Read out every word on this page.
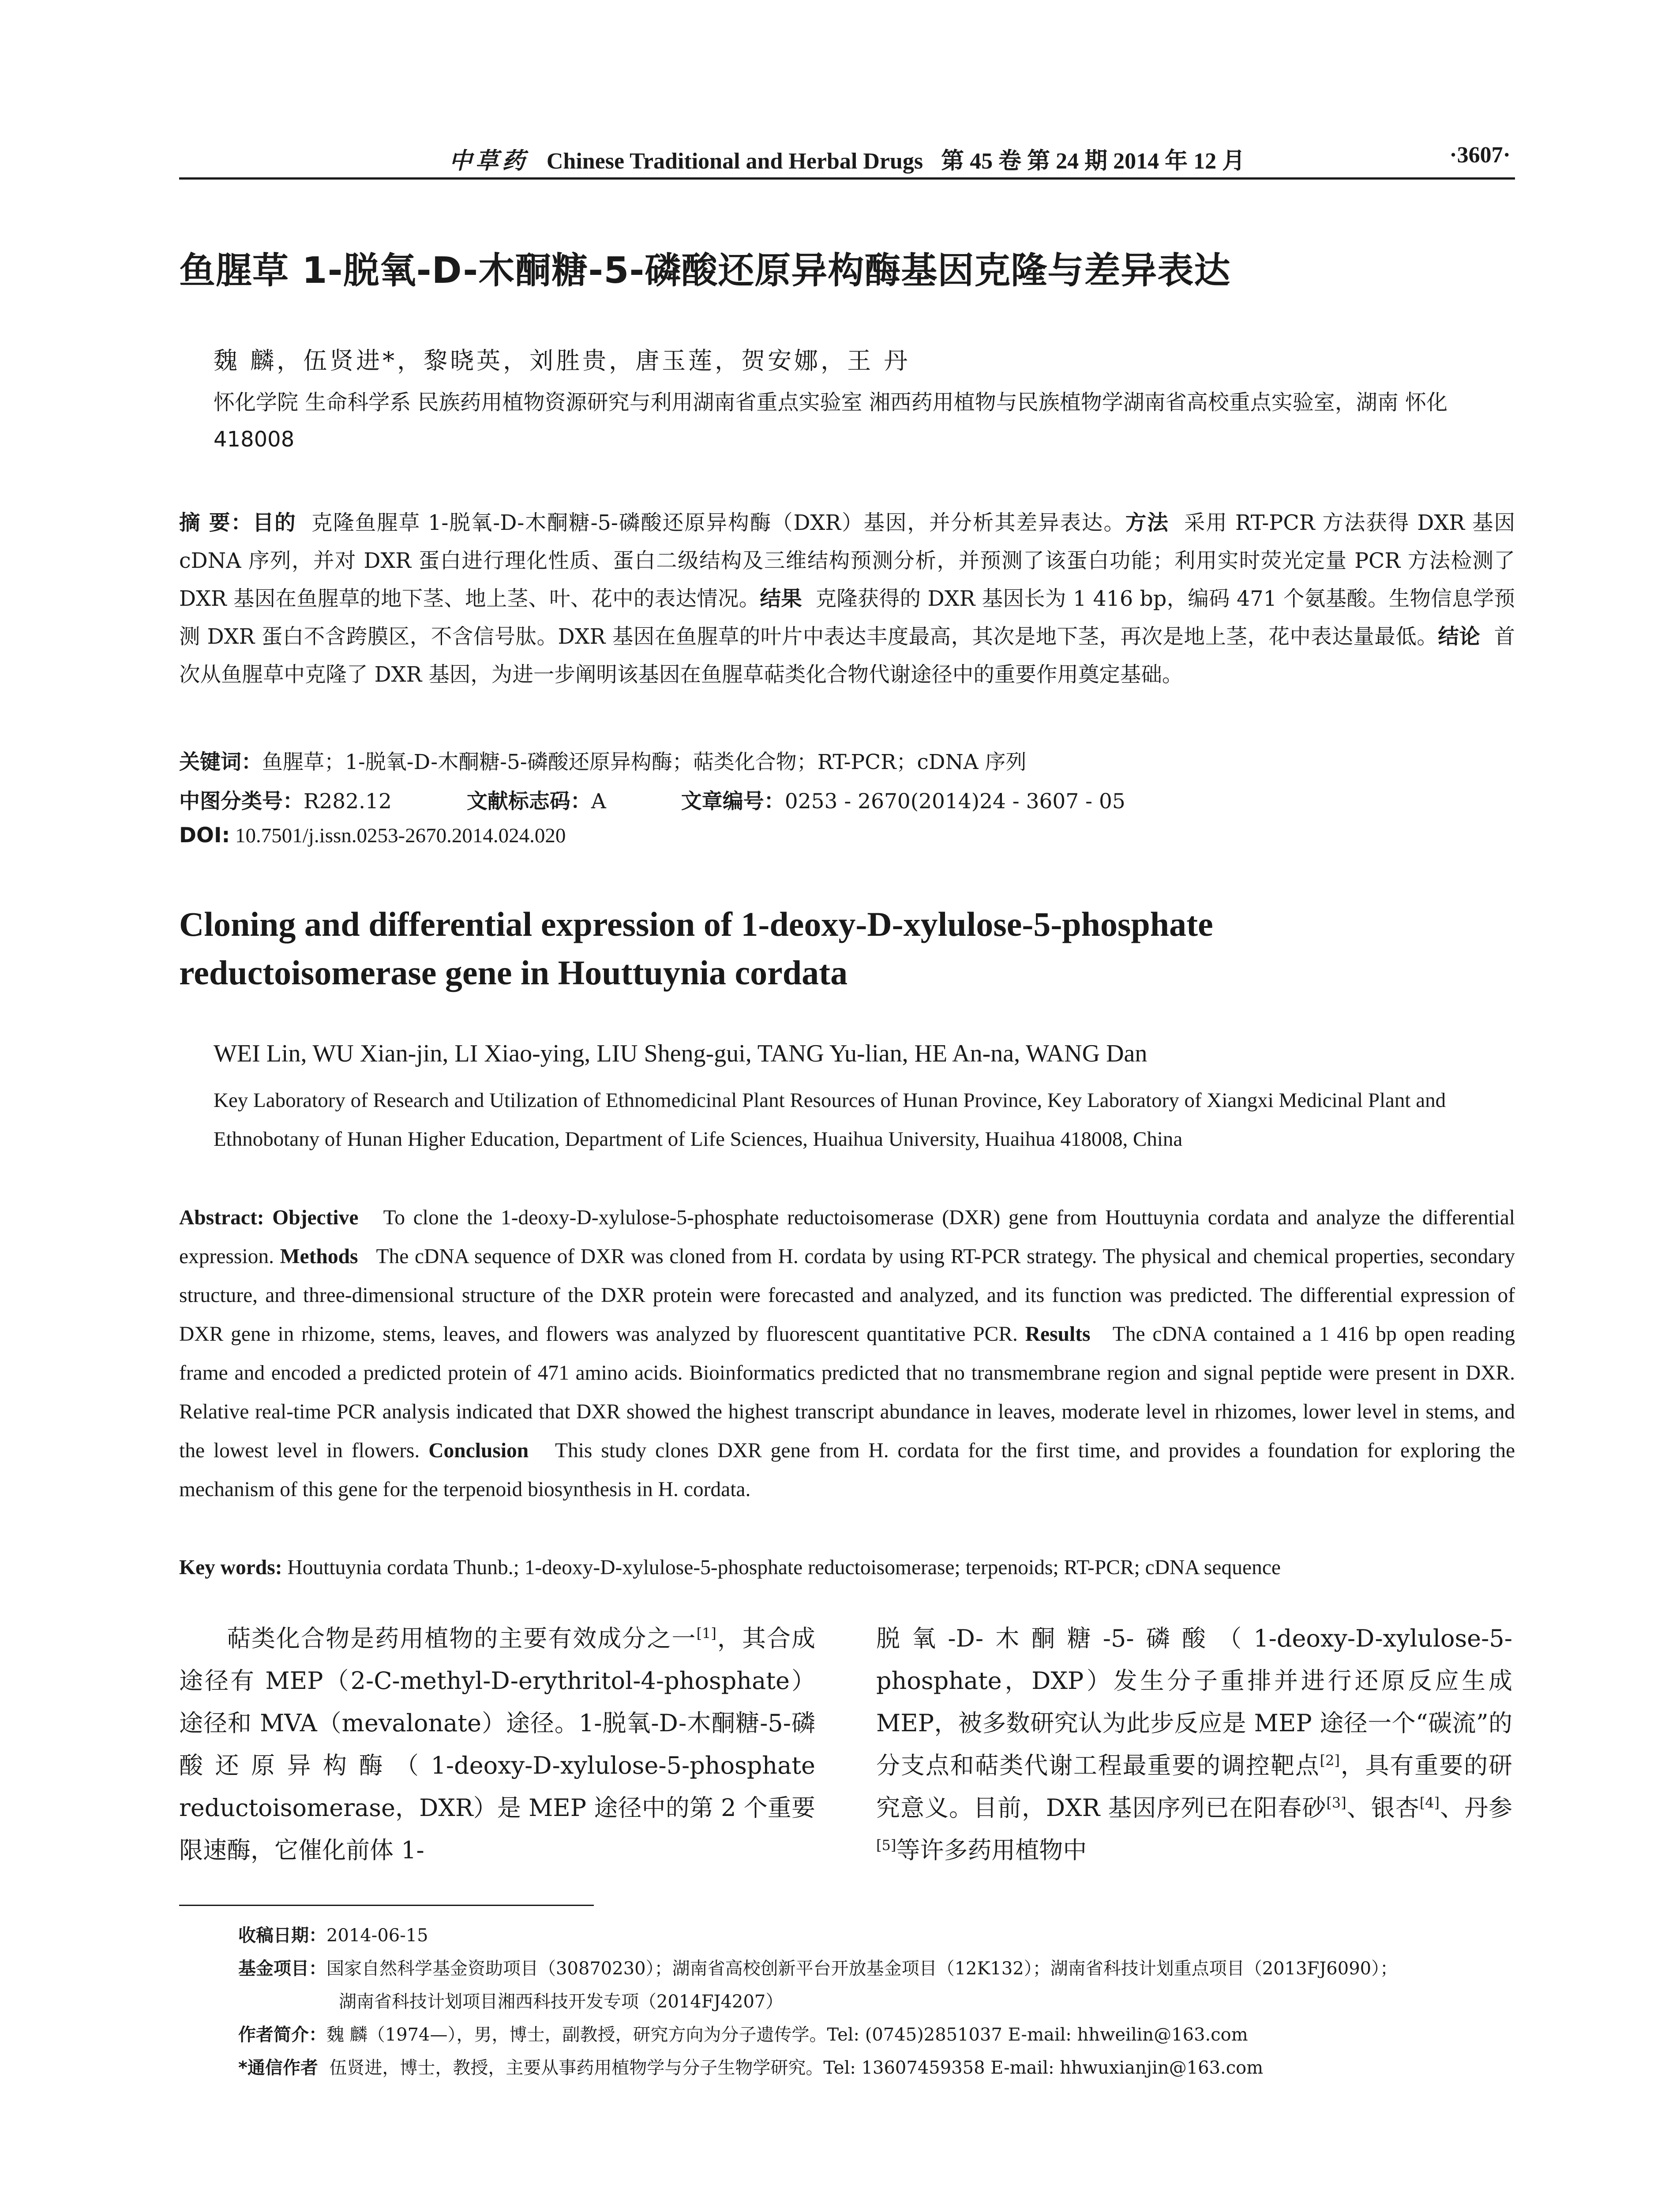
中草药 Chinese Traditional and Herbal Drugs 第 45 卷 第 24 期 2014 年 12 月	·3607·
鱼腥草 1-脱氧-D-木酮糖-5-磷酸还原异构酶基因克隆与差异表达
魏 麟，伍贤进*，黎晓英，刘胜贵，唐玉莲，贺安娜，王 丹
怀化学院 生命科学系 民族药用植物资源研究与利用湖南省重点实验室 湘西药用植物与民族植物学湖南省高校重点实验室，湖南 怀化 418008
摘 要：目的 克隆鱼腥草 1-脱氧-D-木酮糖-5-磷酸还原异构酶（DXR）基因，并分析其差异表达。方法 采用 RT-PCR 方法获得 DXR 基因 cDNA 序列，并对 DXR 蛋白进行理化性质、蛋白二级结构及三维结构预测分析，并预测了该蛋白功能；利用实时荧光定量 PCR 方法检测了 DXR 基因在鱼腥草的地下茎、地上茎、叶、花中的表达情况。结果 克隆获得的 DXR 基因长为 1 416 bp，编码 471 个氨基酸。生物信息学预测 DXR 蛋白不含跨膜区，不含信号肽。DXR 基因在鱼腥草的叶片中表达丰度最高，其次是地下茎，再次是地上茎，花中表达量最低。结论 首次从鱼腥草中克隆了 DXR 基因，为进一步阐明该基因在鱼腥草萜类化合物代谢途径中的重要作用奠定基础。
关键词：鱼腥草；1-脱氧-D-木酮糖-5-磷酸还原异构酶；萜类化合物；RT-PCR；cDNA 序列
中图分类号：R282.12	文献标志码：A	文章编号：0253 - 2670(2014)24 - 3607 - 05
DOI: 10.7501/j.issn.0253-2670.2014.024.020
Cloning and differential expression of 1-deoxy-D-xylulose-5-phosphate
reductoisomerase gene in Houttuynia cordata
WEI Lin, WU Xian-jin, LI Xiao-ying, LIU Sheng-gui, TANG Yu-lian, HE An-na, WANG Dan
Key Laboratory of Research and Utilization of Ethnomedicinal Plant Resources of Hunan Province, Key Laboratory of Xiangxi Medicinal Plant and Ethnobotany of Hunan Higher Education, Department of Life Sciences, Huaihua University, Huaihua 418008, China
Abstract: Objective To clone the 1-deoxy-D-xylulose-5-phosphate reductoisomerase (DXR) gene from Houttuynia cordata and analyze the differential expression. Methods The cDNA sequence of DXR was cloned from H. cordata by using RT-PCR strategy. The physical and chemical properties, secondary structure, and three-dimensional structure of the DXR protein were forecasted and analyzed, and its function was predicted. The differential expression of DXR gene in rhizome, stems, leaves, and flowers was analyzed by fluorescent quantitative PCR. Results The cDNA contained a 1 416 bp open reading frame and encoded a predicted protein of 471 amino acids. Bioinformatics predicted that no transmembrane region and signal peptide were present in DXR. Relative real-time PCR analysis indicated that DXR showed the highest transcript abundance in leaves, moderate level in rhizomes, lower level in stems, and the lowest level in flowers. Conclusion This study clones DXR gene from H. cordata for the first time, and provides a foundation for exploring the mechanism of this gene for the terpenoid biosynthesis in H. cordata.
Key words: Houttuynia cordata Thunb.; 1-deoxy-D-xylulose-5-phosphate reductoisomerase; terpenoids; RT-PCR; cDNA sequence
萜类化合物是药用植物的主要有效成分之一[1]，其合成途径有 MEP（2-C-methyl-D-erythritol-4-phosphate）途径和 MVA（mevalonate）途径。1-脱氧-D-木酮糖-5-磷酸还原异构酶（1-deoxy-D-xylulose-5-phosphate reductoisomerase，DXR）是 MEP 途径中的第 2 个重要限速酶，它催化前体 1-
脱氧-D-木酮糖-5-磷酸（1-deoxy-D-xylulose-5-phosphate，DXP）发生分子重排并进行还原反应生成 MEP，被多数研究认为此步反应是 MEP 途径一个“碳流”的分支点和萜类代谢工程最重要的调控靶点[2]，具有重要的研究意义。目前，DXR 基因序列已在阳春砂[3]、银杏[4]、丹参[5]等许多药用植物中
收稿日期：2014-06-15
基金项目：国家自然科学基金资助项目（30870230）；湖南省高校创新平台开放基金项目（12K132）；湖南省科技计划重点项目（2013FJ6090）；
湖南省科技计划项目湘西科技开发专项（2014FJ4207）
作者简介：魏 麟（1974—），男，博士，副教授，研究方向为分子遗传学。Tel: (0745)2851037 E-mail: hhweilin@163.com
*通信作者 伍贤进，博士，教授，主要从事药用植物学与分子生物学研究。Tel: 13607459358 E-mail: hhwuxianjin@163.com
